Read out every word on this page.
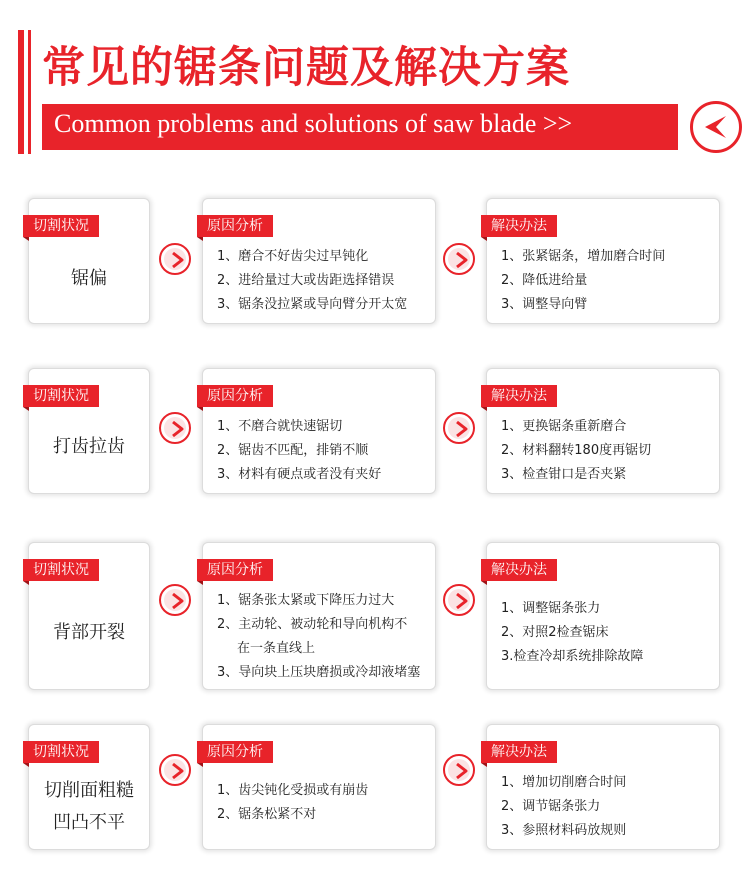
常见的锯条问题及解决方案
Common problems and solutions of saw blade >>
切割状况
锯偏
原因分析
1、磨合不好齿尖过早钝化
2、进给量过大或齿距选择错误
3、锯条没拉紧或导向臂分开太宽
解决办法
1、张紧锯条，增加磨合时间
2、降低进给量
3、调整导向臂
切割状况
打齿拉齿
原因分析
1、不磨合就快速锯切
2、锯齿不匹配，排销不顺
3、材料有硬点或者没有夹好
解决办法
1、更换锯条重新磨合
2、材料翻转180度再锯切
3、检查钳口是否夹紧
切割状况
背部开裂
原因分析
1、锯条张太紧或下降压力过大
2、主动轮、被动轮和导向机构不
在一条直线上
3、导向块上压块磨损或冷却液堵塞
解决办法
1、调整锯条张力
2、对照2检查锯床
3.检查冷却系统排除故障
切割状况
切削面粗糙
凹凸不平
原因分析
1、齿尖钝化受损或有崩齿
2、锯条松紧不对
解决办法
1、增加切削磨合时间
2、调节锯条张力
3、参照材料码放规则
